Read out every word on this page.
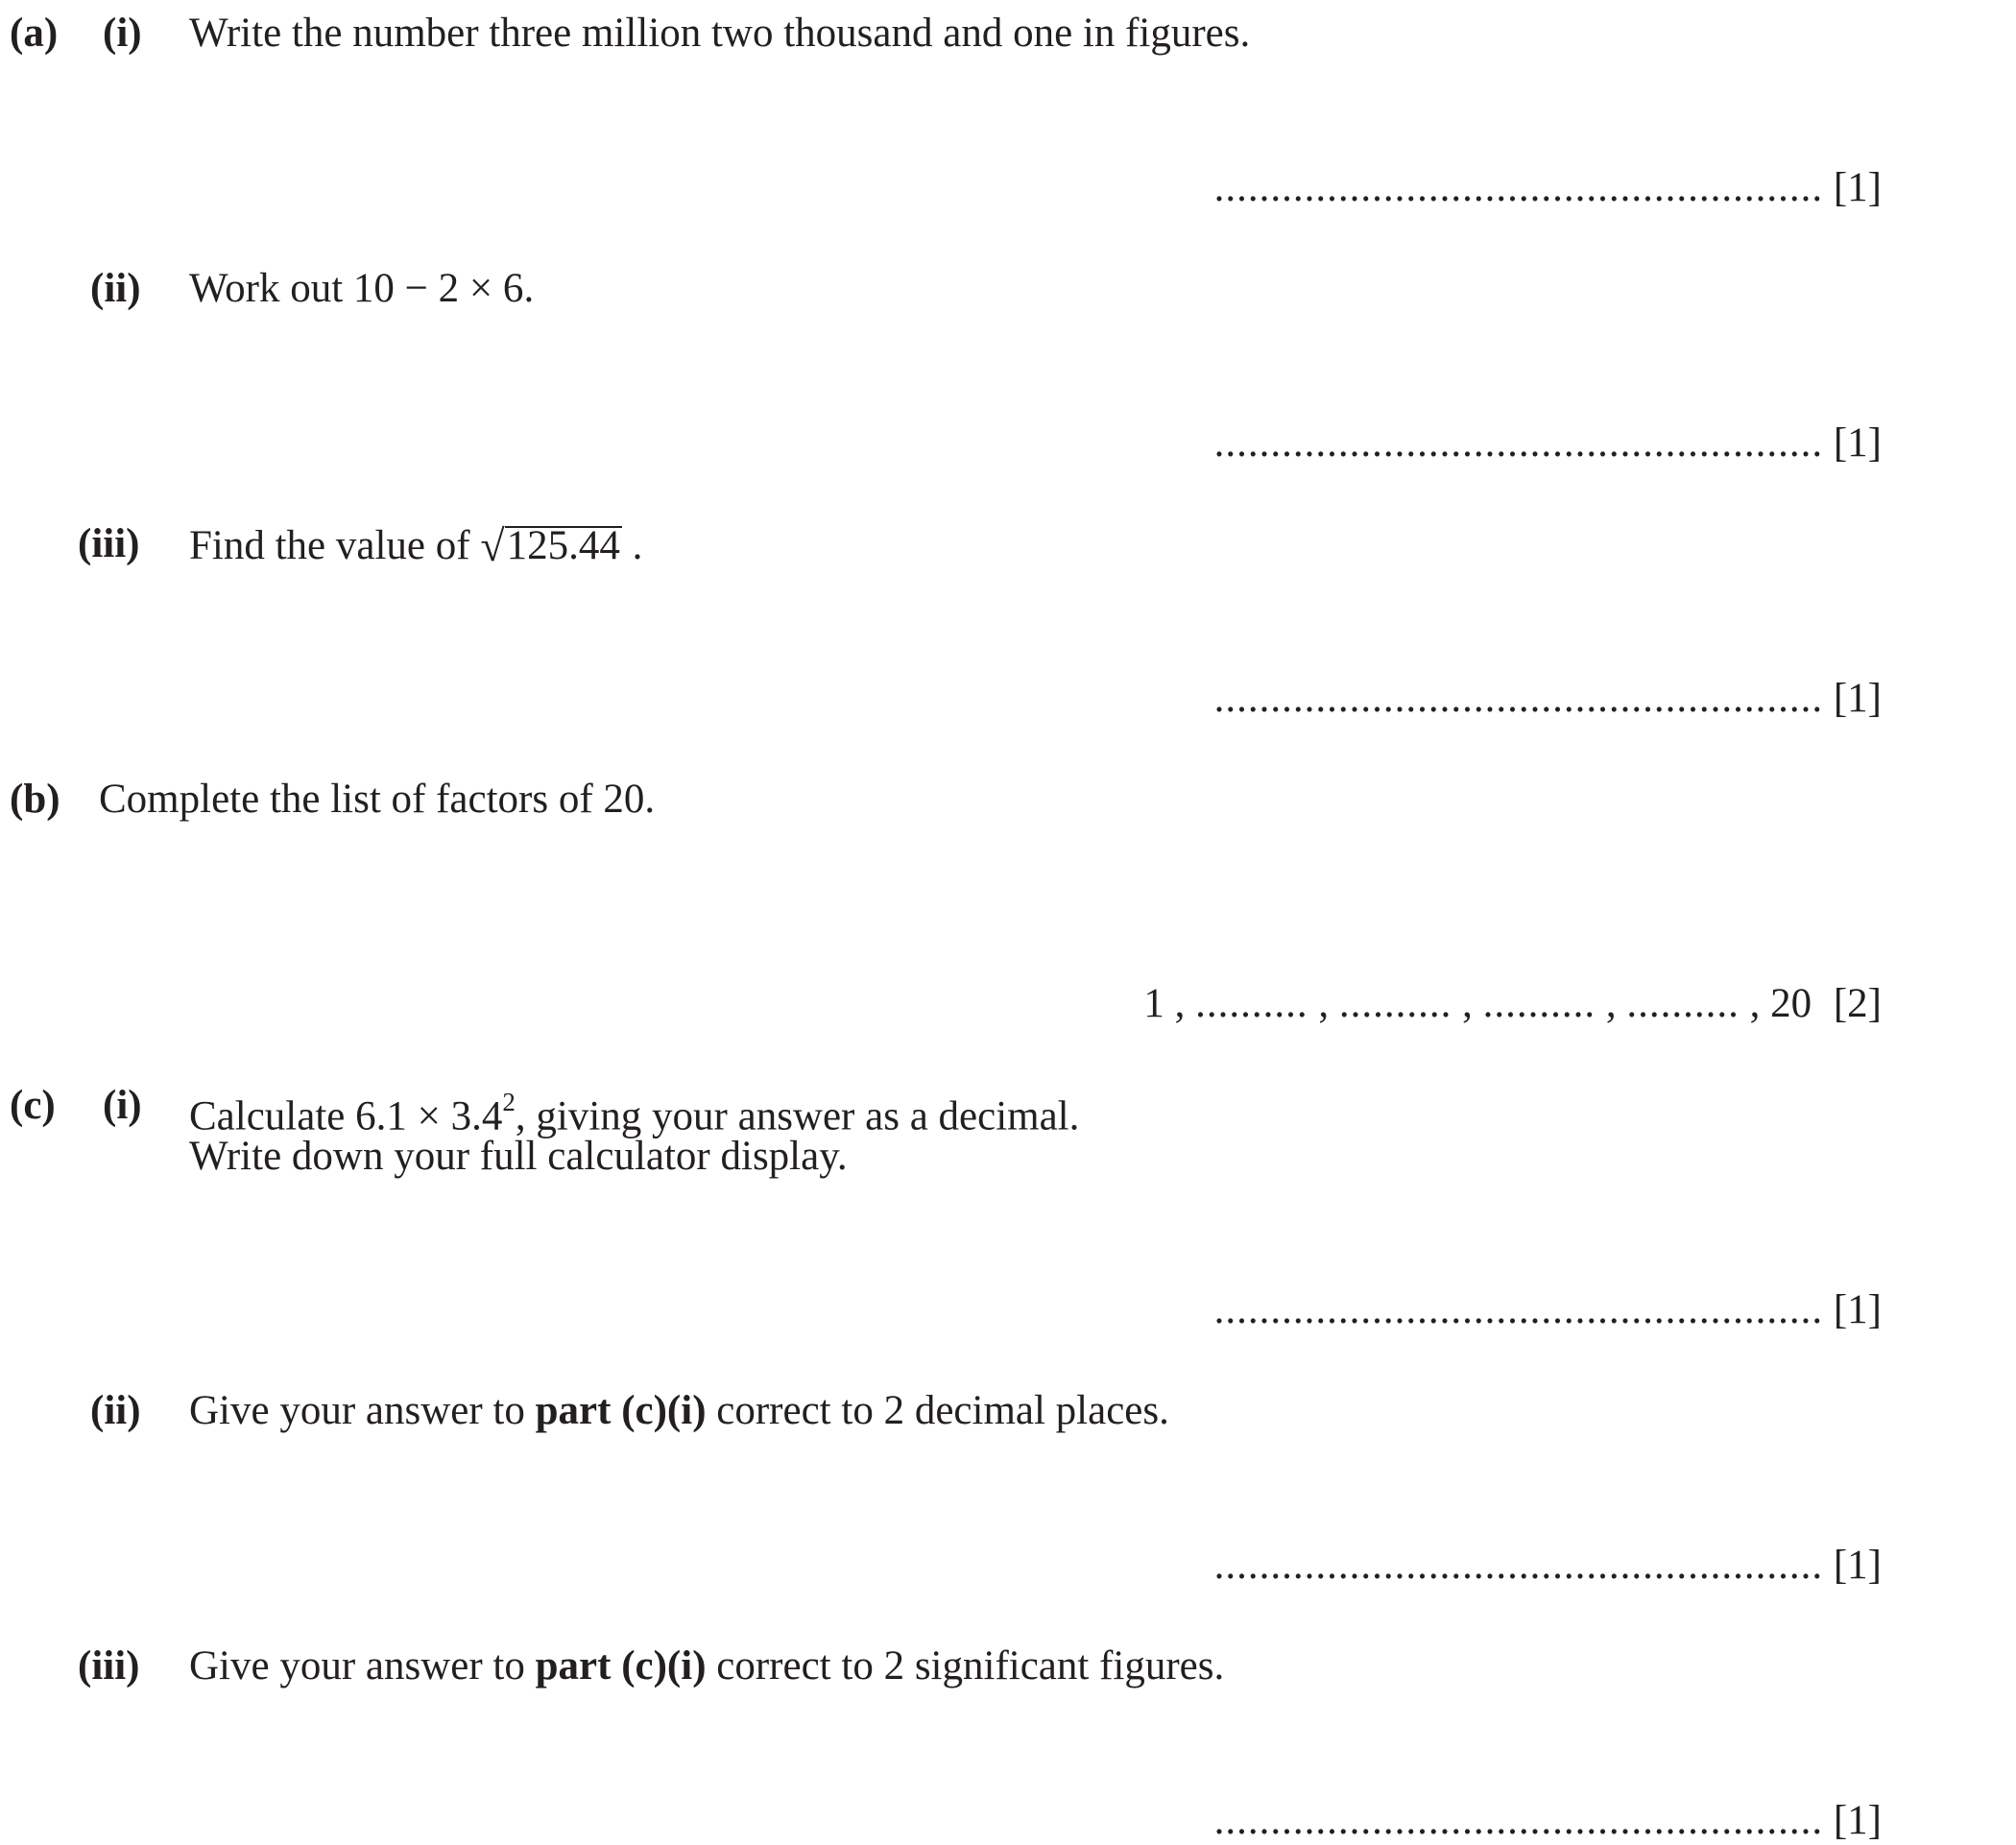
(a) (i) Write the number three million two thousand and one in figures.
...................................................... [1]
(ii) Work out 10 − 2 × 6.
...................................................... [1]
(iii) Find the value of √125.44 .
...................................................... [1]
(b) Complete the list of factors of 20.
1 , .......... , .......... , .......... , .......... , 20 [2]
(c) (i) Calculate $6.1 \times 3.4^2$, giving your answer as a decimal.
Write down your full calculator display.
...................................................... [1]
(ii) Give your answer to part (c)(i) correct to 2 decimal places.
...................................................... [1]
(iii) Give your answer to part (c)(i) correct to 2 significant figures.
...................................................... [1]
